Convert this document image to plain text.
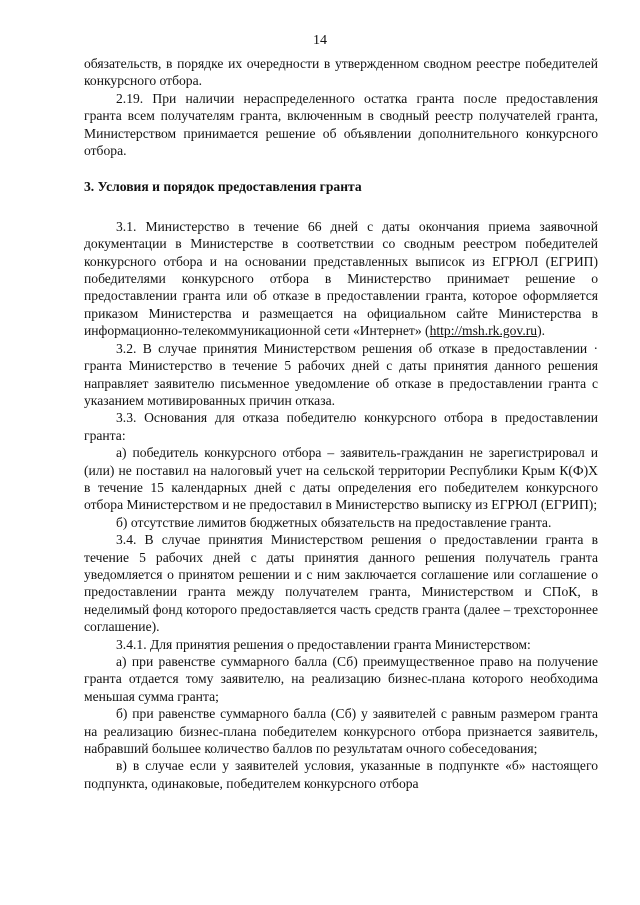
14

обязательств, в порядке их очередности в утвержденном сводном реестре победителей конкурсного отбора.

2.19. При наличии нераспределенного остатка гранта после предоставления гранта всем получателям гранта, включенным в сводный реестр получателей гранта, Министерством принимается решение об объявлении дополнительного конкурсного отбора.

3. Условия и порядок предоставления гранта

3.1. Министерство в течение 66 дней с даты окончания приема заявочной документации в Министерстве в соответствии со сводным реестром победителей конкурсного отбора и на основании представленных выписок из ЕГРЮЛ (ЕГРИП) победителями конкурсного отбора в Министерство принимает решение о предоставлении гранта или об отказе в предоставлении гранта, которое оформляется приказом Министерства и размещается на официальном сайте Министерства в информационно-телекоммуникационной сети «Интернет» (http://msh.rk.gov.ru).

3.2. В случае принятия Министерством решения об отказе в предоставлении · гранта Министерство в течение 5 рабочих дней с даты принятия данного решения направляет заявителю письменное уведомление об отказе в предоставлении гранта с указанием мотивированных причин отказа.

3.3. Основания для отказа победителю конкурсного отбора в предоставлении гранта:

а) победитель конкурсного отбора – заявитель-гражданин не зарегистрировал и (или) не поставил на налоговый учет на сельской территории Республики Крым К(Ф)Х в течение 15 календарных дней с даты определения его победителем конкурсного отбора Министерством и не предоставил в Министерство выписку из ЕГРЮЛ (ЕГРИП);

б) отсутствие лимитов бюджетных обязательств на предоставление гранта.

3.4. В случае принятия Министерством решения о предоставлении гранта в течение 5 рабочих дней с даты принятия данного решения получатель гранта уведомляется о принятом решении и с ним заключается соглашение или соглашение о предоставлении гранта между получателем гранта, Министерством и СПоК, в неделимый фонд которого предоставляется часть средств гранта (далее – трехстороннее соглашение).

3.4.1. Для принятия решения о предоставлении гранта Министерством:

а) при равенстве суммарного балла (Сб) преимущественное право на получение гранта отдается тому заявителю, на реализацию бизнес-плана которого необходима меньшая сумма гранта;

б) при равенстве суммарного балла (Сб) у заявителей с равным размером гранта на реализацию бизнес-плана победителем конкурсного отбора признается заявитель, набравший большее количество баллов по результатам очного собеседования;

в) в случае если у заявителей условия, указанные в подпункте «б» настоящего подпункта, одинаковые, победителем конкурсного отбора
